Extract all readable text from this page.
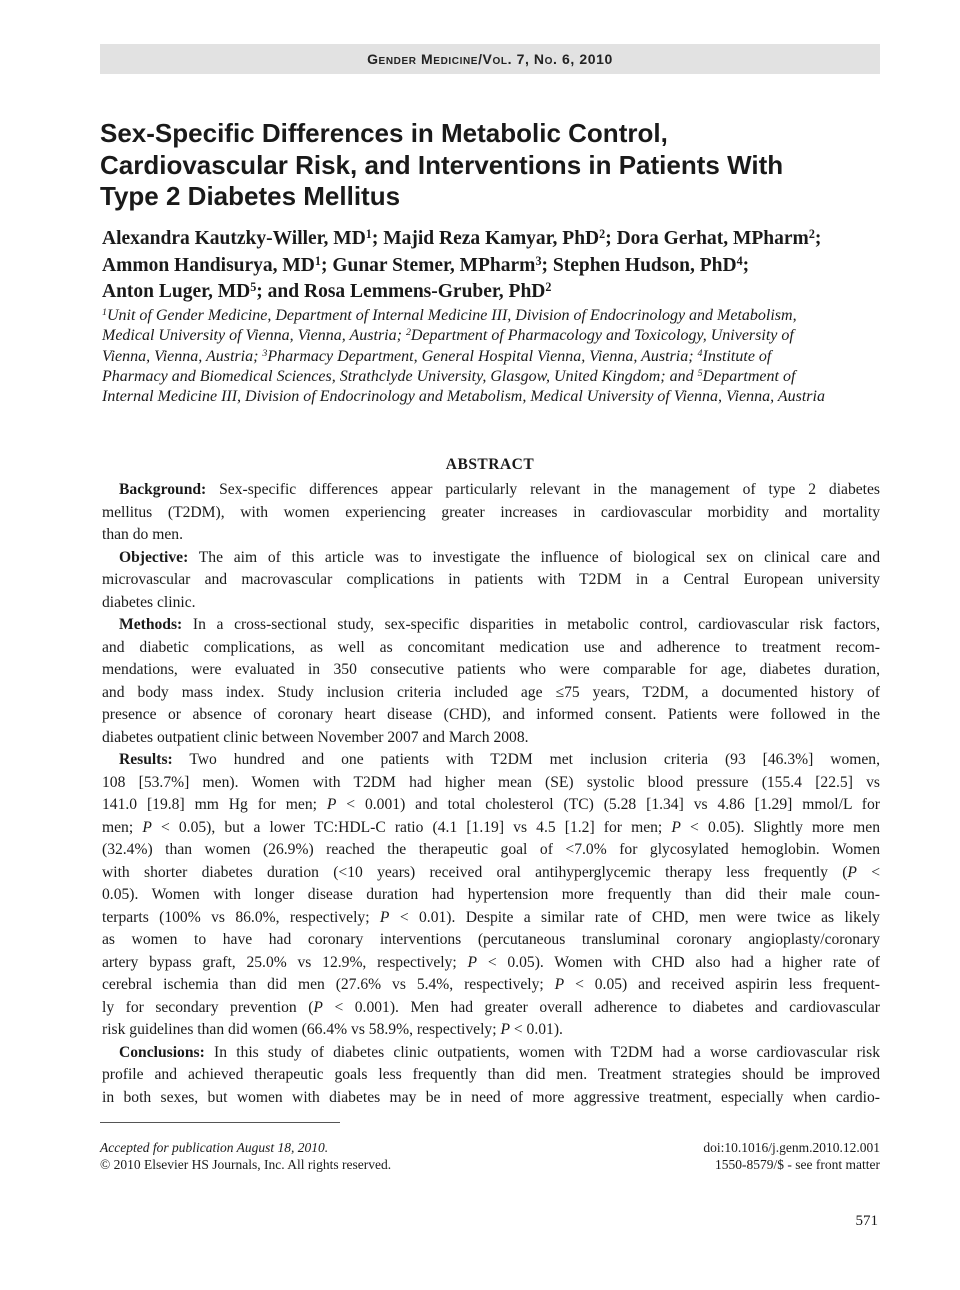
Gender Medicine/Vol. 7, No. 6, 2010
Sex-Specific Differences in Metabolic Control,
Cardiovascular Risk, and Interventions in Patients With
Type 2 Diabetes Mellitus
Alexandra Kautzky-Willer, $MD^1$; Majid Reza Kamyar, PhD$^2$; Dora Gerhat, MPharm$^2$;
Ammon Handisurya, $MD^1$; Gunar Stemer, MPharm$^3$; Stephen Hudson, PhD$^4$;
Anton Luger, $MD^5$; and Rosa Lemmens-Gruber, PhD$^2$
$^1$Unit of Gender Medicine, Department of Internal Medicine III, Division of Endocrinology and Metabolism,
Medical University of Vienna, Vienna, Austria; $^2$Department of Pharmacology and Toxicology, University of
Vienna, Vienna, Austria; $^3$Pharmacy Department, General Hospital Vienna, Vienna, Austria; $^4$Institute of
Pharmacy and Biomedical Sciences, Strathclyde University, Glasgow, United Kingdom; and $^5$Department of
Internal Medicine III, Division of Endocrinology and Metabolism, Medical University of Vienna, Vienna, Austria
ABSTRACT
Background: Sex-specific differences appear particularly relevant in the management of type 2 diabetes
mellitus (T2DM), with women experiencing greater increases in cardiovascular morbidity and mortality
than do men.
Objective: The aim of this article was to investigate the influence of biological sex on clinical care and
microvascular and macrovascular complications in patients with T2DM in a Central European university
diabetes clinic.
Methods: In a cross-sectional study, sex-specific disparities in metabolic control, cardiovascular risk factors,
and diabetic complications, as well as concomitant medication use and adherence to treatment recom-
mendations, were evaluated in 350 consecutive patients who were comparable for age, diabetes duration,
and body mass index. Study inclusion criteria included age ≤75 years, T2DM, a documented history of
presence or absence of coronary heart disease (CHD), and informed consent. Patients were followed in the
diabetes outpatient clinic between November 2007 and March 2008.
Results: Two hundred and one patients with T2DM met inclusion criteria (93 [46.3%] women,
108 [53.7%] men). Women with T2DM had higher mean (SE) systolic blood pressure (155.4 [22.5] vs
141.0 [19.8] mm Hg for men; P < 0.001) and total cholesterol (TC) (5.28 [1.34] vs 4.86 [1.29] mmol/L for
men; P < 0.05), but a lower TC:HDL-C ratio (4.1 [1.19] vs 4.5 [1.2] for men; P < 0.05). Slightly more men
(32.4%) than women (26.9%) reached the therapeutic goal of <7.0% for glycosylated hemoglobin. Women
with shorter diabetes duration (<10 years) received oral antihyperglycemic therapy less frequently (P <
0.05). Women with longer disease duration had hypertension more frequently than did their male coun-
terparts (100% vs 86.0%, respectively; P < 0.01). Despite a similar rate of CHD, men were twice as likely
as women to have had coronary interventions (percutaneous transluminal coronary angioplasty/coronary
artery bypass graft, 25.0% vs 12.9%, respectively; P < 0.05). Women with CHD also had a higher rate of
cerebral ischemia than did men (27.6% vs 5.4%, respectively; P < 0.05) and received aspirin less frequent-
ly for secondary prevention (P < 0.001). Men had greater overall adherence to diabetes and cardiovascular
risk guidelines than did women (66.4% vs 58.9%, respectively; P < 0.01).
Conclusions: In this study of diabetes clinic outpatients, women with T2DM had a worse cardiovascular risk
profile and achieved therapeutic goals less frequently than did men. Treatment strategies should be improved
in both sexes, but women with diabetes may be in need of more aggressive treatment, especially when cardio-
Accepted for publication August 18, 2010.
© 2010 Elsevier HS Journals, Inc. All rights reserved.
doi:10.1016/j.genm.2010.12.001
1550-8579/$ - see front matter
571
